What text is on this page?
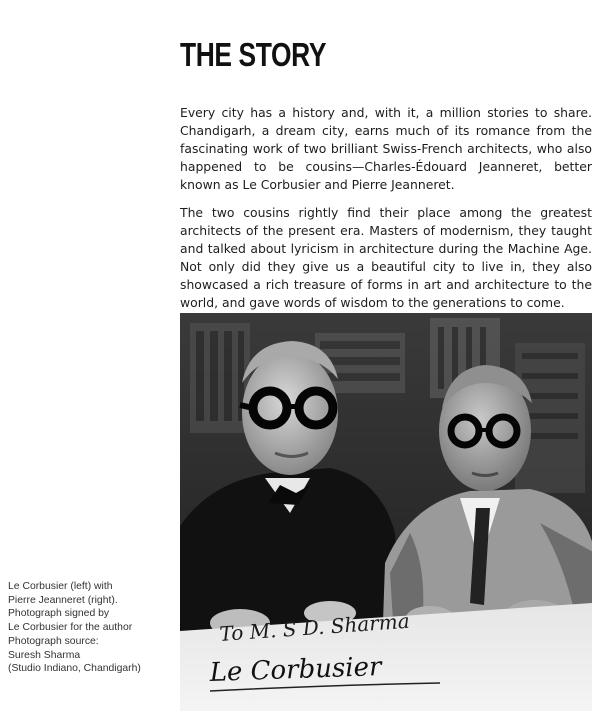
THE STORY

Every city has a history and, with it, a million stories to share. Chandigarh, a dream city, earns much of its romance from the fascinating work of two brilliant Swiss-French architects, who also happened to be cousins—Charles-Édouard Jeanneret, better known as Le Corbusier and Pierre Jeanneret.

The two cousins rightly find their place among the greatest architects of the present era. Masters of modernism, they taught and talked about lyricism in architecture during the Machine Age. Not only did they give us a beautiful city to live in, they also showcased a rich treasure of forms in art and architecture to the world, and gave words of wisdom to the generations to come.

To M. S D. Sharma
Le Corbusier
Le Corbusier (left) with
Pierre Jeanneret (right).
Photograph signed by
Le Corbusier for the author
Photograph source:
Suresh Sharma
(Studio Indiano, Chandigarh)
